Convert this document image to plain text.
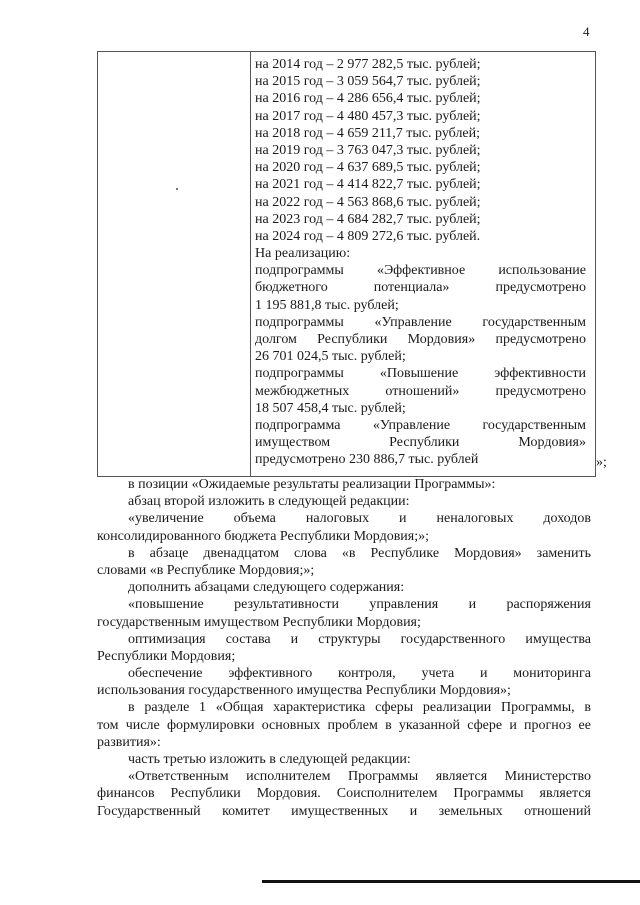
4
на 2014 год – 2 977 282,5 тыс. рублей;
на 2015 год – 3 059 564,7 тыс. рублей;
на 2016 год – 4 286 656,4 тыс. рублей;
на 2017 год – 4 480 457,3 тыс. рублей;
на 2018 год – 4 659 211,7 тыс. рублей;
на 2019 год – 3 763 047,3 тыс. рублей;
на 2020 год – 4 637 689,5 тыс. рублей;
на 2021 год – 4 414 822,7 тыс. рублей;
на 2022 год – 4 563 868,6 тыс. рублей;
на 2023 год – 4 684 282,7 тыс. рублей;
на 2024 год – 4 809 272,6 тыс. рублей.
На реализацию:
подпрограммы «Эффективное использование
бюджетного	потенциала»	предусмотрено
1 195 881,8 тыс. рублей;
подпрограммы «Управление государственным
долгом Республики Мордовия» предусмотрено
26 701 024,5 тыс. рублей;
подпрограммы	«Повышение	эффективности
межбюджетных	отношений»	предусмотрено
18 507 458,4 тыс. рублей;
подпрограмма «Управление государственным
имуществом	Республики	Мордовия»
предусмотрено 230 886,7 тыс. рублей	»;
в позиции «Ожидаемые результаты реализации Программы»:
абзац второй изложить в следующей редакции:
«увеличение объема налоговых и неналоговых доходов
консолидированного бюджета Республики Мордовия;»;
в абзаце двенадцатом слова «в Республике Мордовия» заменить
словами «в Республике Мордовия;»;
дополнить абзацами следующего содержания:
«повышение результативности управления и распоряжения
государственным имуществом Республики Мордовия;
оптимизация состава и структуры государственного имущества
Республики Мордовия;
обеспечение эффективного контроля, учета и мониторинга
использования государственного имущества Республики Мордовия»;
в разделе 1 «Общая характеристика сферы реализации Программы, в
том числе формулировки основных проблем в указанной сфере и прогноз ее
развития»:
часть третью изложить в следующей редакции:
«Ответственным исполнителем Программы является Министерство
финансов Республики Мордовия. Соисполнителем Программы является
Государственный комитет имущественных и земельных отношений
